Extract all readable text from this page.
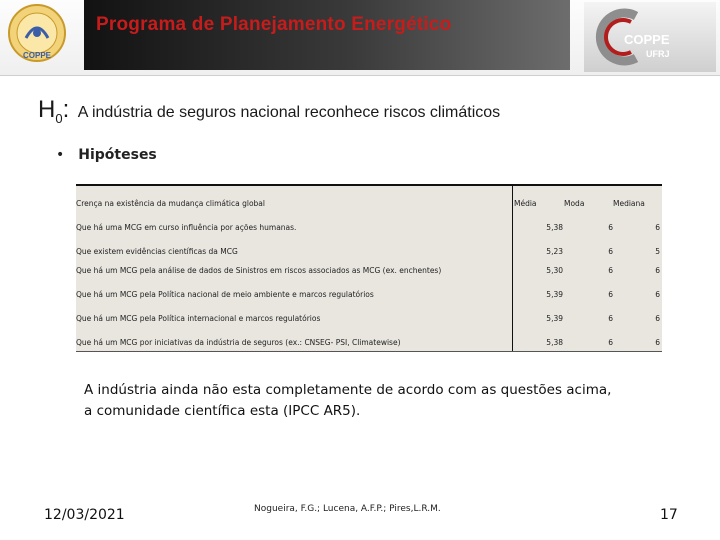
COPPE
Programa de Planejamento Energético
COPPE
UFRJ
$H_0$: A indústria de seguros nacional reconhece riscos climáticos
• Hipóteses
Crença na existência da mudança climática global	Média	Moda	Mediana
Que há uma MCG em curso influência por ações humanas.	5,38	6	6
Que existem evidências científicas da MCG	5,23	6	5
Que há um MCG pela análise de dados de Sinistros em riscos associados as MCG (ex. enchentes)	5,30	6	6
Que há um MCG pela Política nacional de meio ambiente e marcos regulatórios	5,39	6	6
Que há um MCG pela Política internacional e marcos regulatórios	5,39	6	6
Que há um MCG por iniciativas da indústria de seguros (ex.: CNSEG- PSI, Climatewise)	5,38	6	6
A indústria ainda não esta completamente de acordo com as questões acima,
a comunidade científica esta (IPCC AR5).
12/03/2021	Nogueira, F.G.; Lucena, A.F.P.; Pires,L.R.M.	17
